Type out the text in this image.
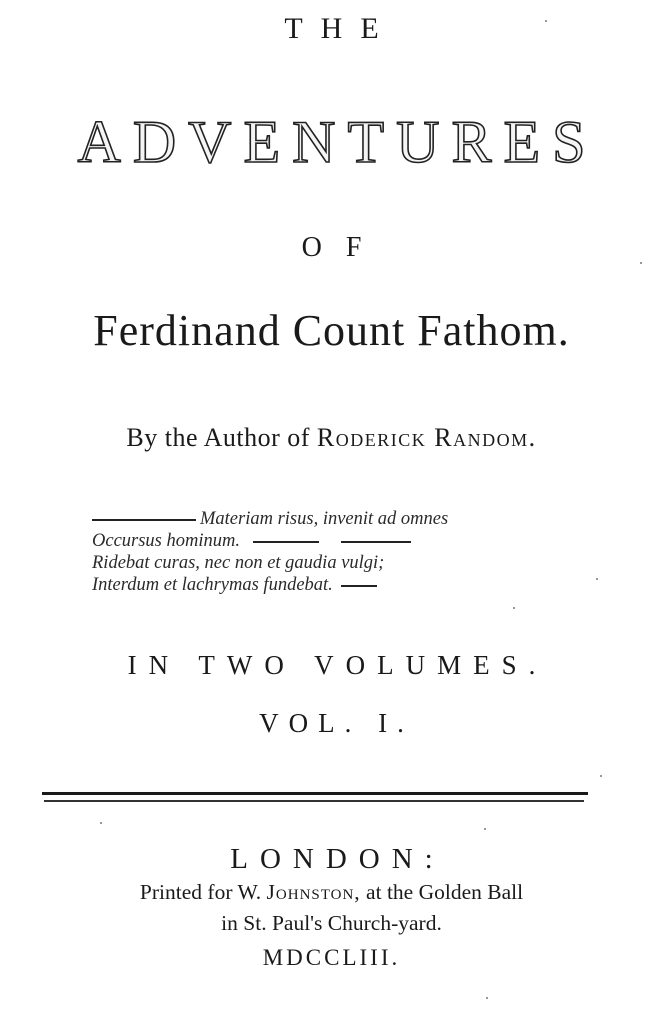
THE
ADVENTURES
OF
Ferdinand Count Fathom.
By the Author of Roderick Random.
Materiam risus, invenit ad omnes
Occursus hominum.
Ridebat curas, nec non et gaudia vulgi;
Interdum et lachrymas fundebat.
IN TWO VOLUMES.
VOL. I.
LONDON:
Printed for W. Johnston, at the Golden Ball
in St. Paul's Church-yard.
MDCCLIII.
